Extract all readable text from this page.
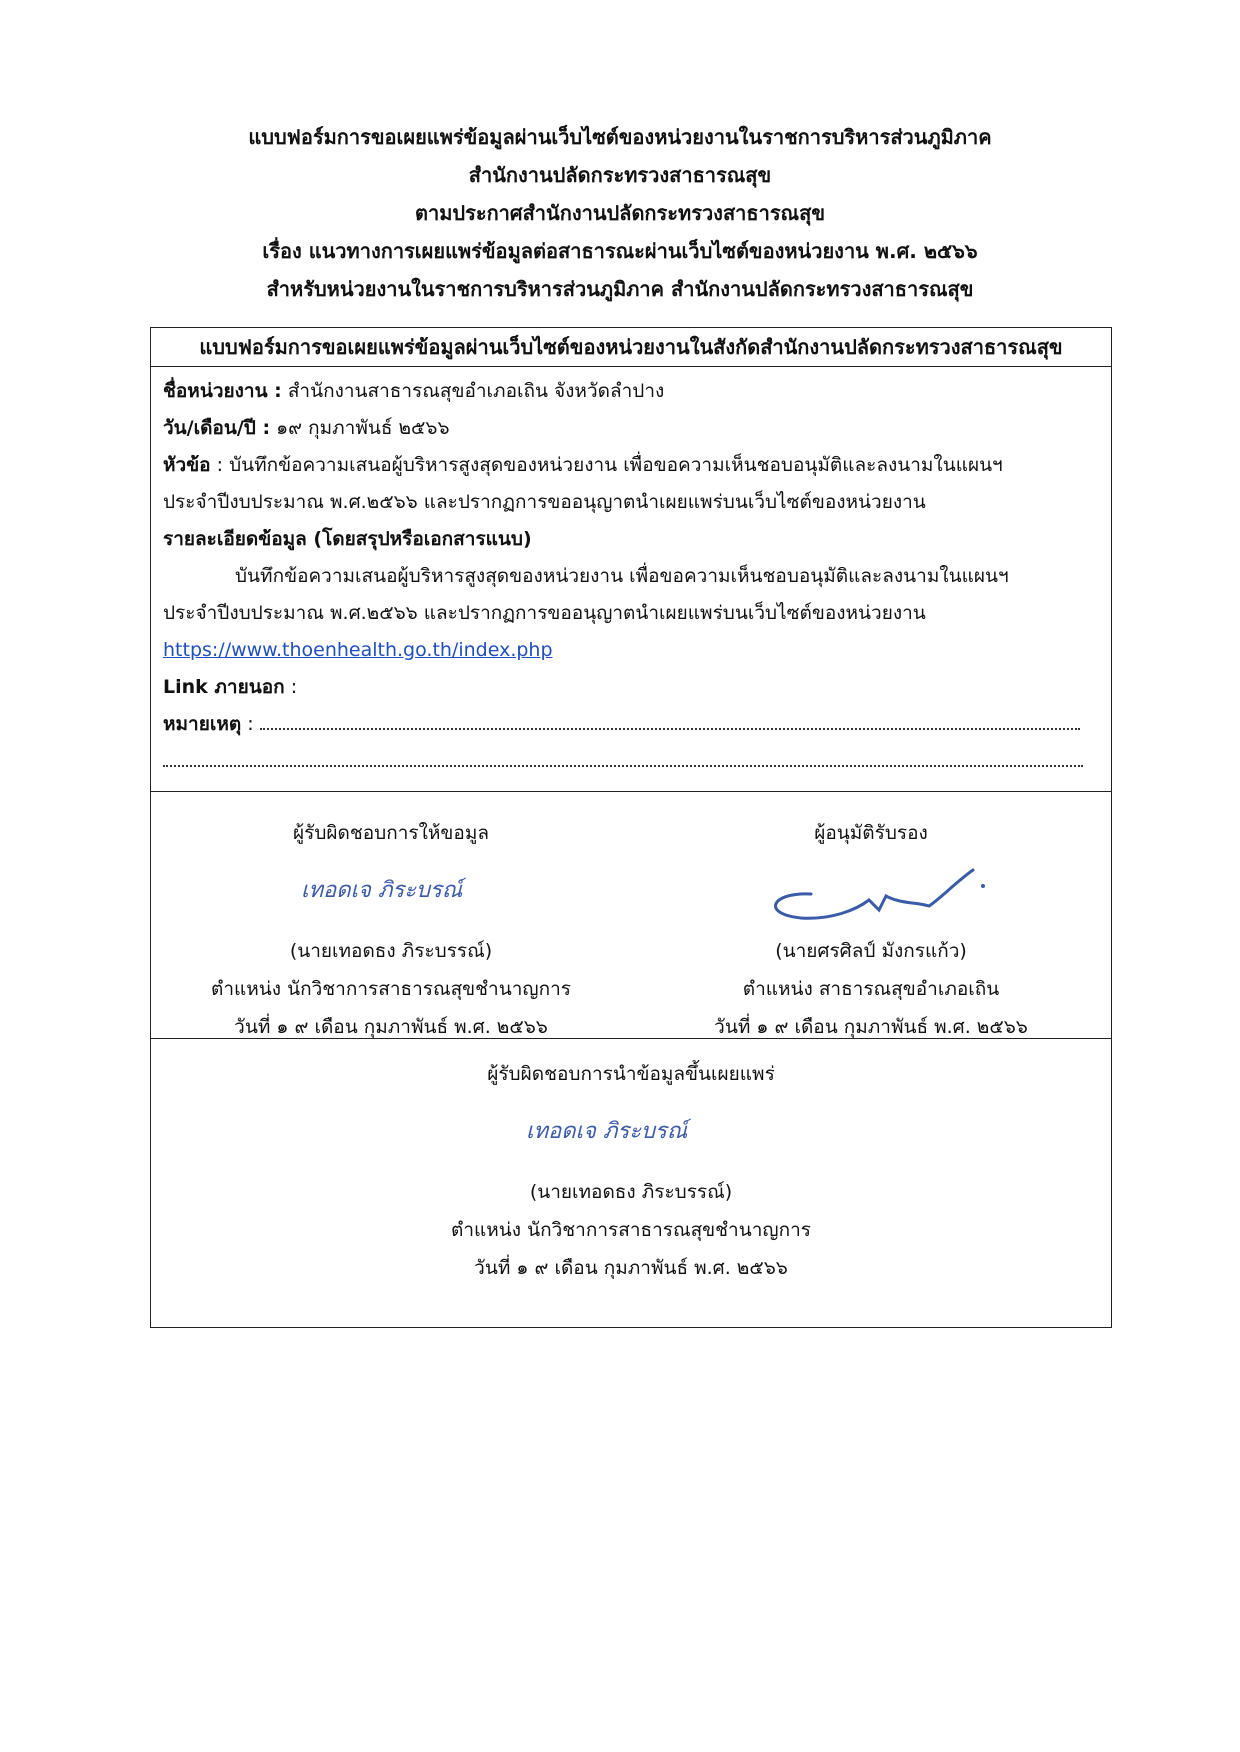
แบบฟอร์มการขอเผยแพร่ข้อมูลผ่านเว็บไซต์ของหน่วยงานในราชการบริหารส่วนภูมิภาค
สำนักงานปลัดกระทรวงสาธารณสุข
ตามประกาศสำนักงานปลัดกระทรวงสาธารณสุข
เรื่อง แนวทางการเผยแพร่ข้อมูลต่อสาธารณะผ่านเว็บไซต์ของหน่วยงาน พ.ศ. ๒๕๖๖
สำหรับหน่วยงานในราชการบริหารส่วนภูมิภาค สำนักงานปลัดกระทรวงสาธารณสุข
แบบฟอร์มการขอเผยแพร่ข้อมูลผ่านเว็บไซต์ของหน่วยงานในสังกัดสำนักงานปลัดกระทรวงสาธารณสุข
ชื่อหน่วยงาน : สำนักงานสาธารณสุขอำเภอเถิน จังหวัดลำปาง
วัน/เดือน/ปี : ๑๙ กุมภาพันธ์ ๒๕๖๖
หัวข้อ : บันทึกข้อความเสนอผู้บริหารสูงสุดของหน่วยงาน เพื่อขอความเห็นชอบอนุมัติและลงนามในแผนฯ
ประจำปีงบประมาณ พ.ศ.๒๕๖๖ และปรากฏการขออนุญาตนำเผยแพร่บนเว็บไซต์ของหน่วยงาน
รายละเอียดข้อมูล (โดยสรุปหรือเอกสารแนบ)
บันทึกข้อความเสนอผู้บริหารสูงสุดของหน่วยงาน เพื่อขอความเห็นชอบอนุมัติและลงนามในแผนฯ
ประจำปีงบประมาณ พ.ศ.๒๕๖๖ และปรากฏการขออนุญาตนำเผยแพร่บนเว็บไซต์ของหน่วยงาน
https://www.thoenhealth.go.th/index.php
Link ภายนอก :
หมายเหตุ :
ผู้รับผิดชอบการให้ขอมูล
เทอดเจ ภิระบรณ์
(นายเทอดธง ภิระบรรณ์)
ตำแหน่ง นักวิชาการสาธารณสุขชำนาญการ
วันที่ ๑ ๙ เดือน กุมภาพันธ์ พ.ศ. ๒๕๖๖
ผู้อนุมัติรับรอง
(นายศรศิลป์ มังกรแก้ว)
ตำแหน่ง สาธารณสุขอำเภอเถิน
วันที่ ๑ ๙ เดือน กุมภาพันธ์ พ.ศ. ๒๕๖๖
ผู้รับผิดชอบการนำข้อมูลขึ้นเผยแพร่
เทอดเจ ภิระบรณ์
(นายเทอดธง ภิระบรรณ์)
ตำแหน่ง นักวิชาการสาธารณสุขชำนาญการ
วันที่ ๑ ๙ เดือน กุมภาพันธ์ พ.ศ. ๒๕๖๖
